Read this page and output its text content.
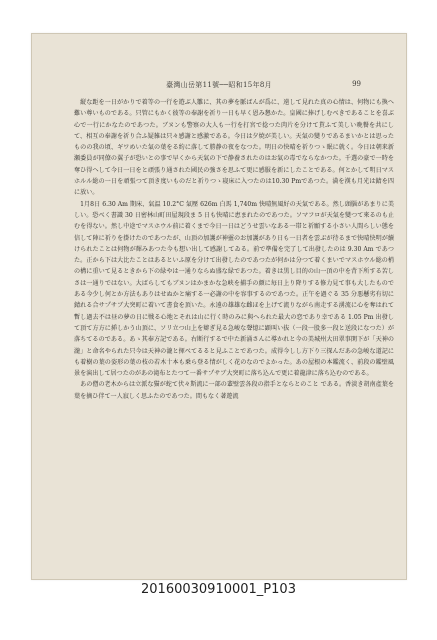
臺灣山岳第11號──昭和15年8月	99

縦な距を一日がかりで着等の一行を遊ぶ人雛に、其の夢を脈ばんが爲に、遠して見れた真の心情は、何物にも換へ難い尊いものである。只管にもかく彼等の奉謝を祈り一日も早く恩み懇かた。皇國に捧げしむべきであることを喜ぶ心で一行にかなたのであつた。ブヌンも警察の大人も一行を打宮で捻つた肉片を分けて貰ふて美しい晩餐を共にして、相互の奉謝を祈り合ふ疑雑は只々感謝と感激である。今日は夕焼が美しい。天氣の變りであるまいかとは思ったものの我の頃、ギワめいた氣の葉をる約に落して勝静の夜をなつた。明日の快晴を祈りつゝ眠に就く。今日は朝来新瀬委員が同僚の翼子が恐いとの事で早くから天氣の下で静養されたのはお氣の毒でならなかつた。千選の豪で一時を奪ひ得へして今日一日をと頑張り通された國民の強さを思ふて更に感服を新にしたことである。何とかして明日マスホルル総の一日を頑張つて頂き度いものだと祈りつゝ寝床に入つたのは10.30 Pmであつた。満を漢も月光は錆を四に放い。

1月8日 6.30 Am 期床、氣温 10.2°C 氣壓 626m 白馬 1,740m 快晴無風好の天氣である。然し頭腦があまりに美しい。恐べく書識 30 日密林山町田屋現段ま 5 日も快晴に恵まれたのであつた。ソマフロが天氣を變つて來るのも止むを得ない。然し中途でマスホウル前に着くまで今日一日はどうせ雲いなある一帯と祈願する小さい人間らしい態を信して陣に祈りを掛けたのであつたが、山頂の加護が神靈のお加護があり日も一日者を雲ぶが待るまで快晴快明が續けられたことは何物が輝みあつた今も想い出して感謝してゐる。前で準備を完了して出發したのは 9.30 Am であつた。正から下は大比たことはあるといふ原を分けて出發したのであつたが何かは分つて着くまいでマスホウル総の梢の構に重いて見るときから下の緑やは一通りならぬ盛な緑であつた。着きは黒し目的の山一頂の中を背下所する苦しさは一通りではない。大ばらしてもブヌンはかまかな急峡を捕手の顔に毎日上り降りする修力見て事も大したものである今少し何とか方法もありはせぬかと痛する一必謝の中を容事するのであつた。正午を過ぐる 35 分悪懸劣有切に錆れる合サプサブ大突町に着いて書食を頂いた。永遠の雄雄な雌ほを上げて流りながら南走する湧流に心を奪はれて暫し過去不は昼の夢の日に戦る心地とそれは山に行く時のみに與へられた最大の恋であり幸である 1.05 Pm 出發して頂て方方に挿しかう山頂に、ソリ立つ山上を辯ぎ見る急峻な聲憶に顕叫い抜（一段一股多一段と送段になつた）が落ちてるのである。あゝ其奉方記である。右断行するで中た新涌さんに導かれと今の美城州大田翠事閑下が「天神の瀧」と命名やられた只今は天神の瀧と揮べてるると見ふことであつた。成得今しし方下り三探んだあの急峻な道記にも着樹の葉の姿形の葉の枝の若木十本も乗ら登る情がしく花のなのでよかった。あの屋根の本鑑流く、前段の鑑壁風景を演出して居つたのがあの滝布とたつて一番サプサブ大突町に落ち込んで更に着龍津に落ち込むのである。

あの僧の老木からは立派な猫が蛇て伏々斯流に一部の輩壁雲各段の指手とならとのこと である。香淡き胡南產葉を葉を摘ひ伴て一人寂しく思ふたのであつた。間もなく著遊流

20160030910001_P103
